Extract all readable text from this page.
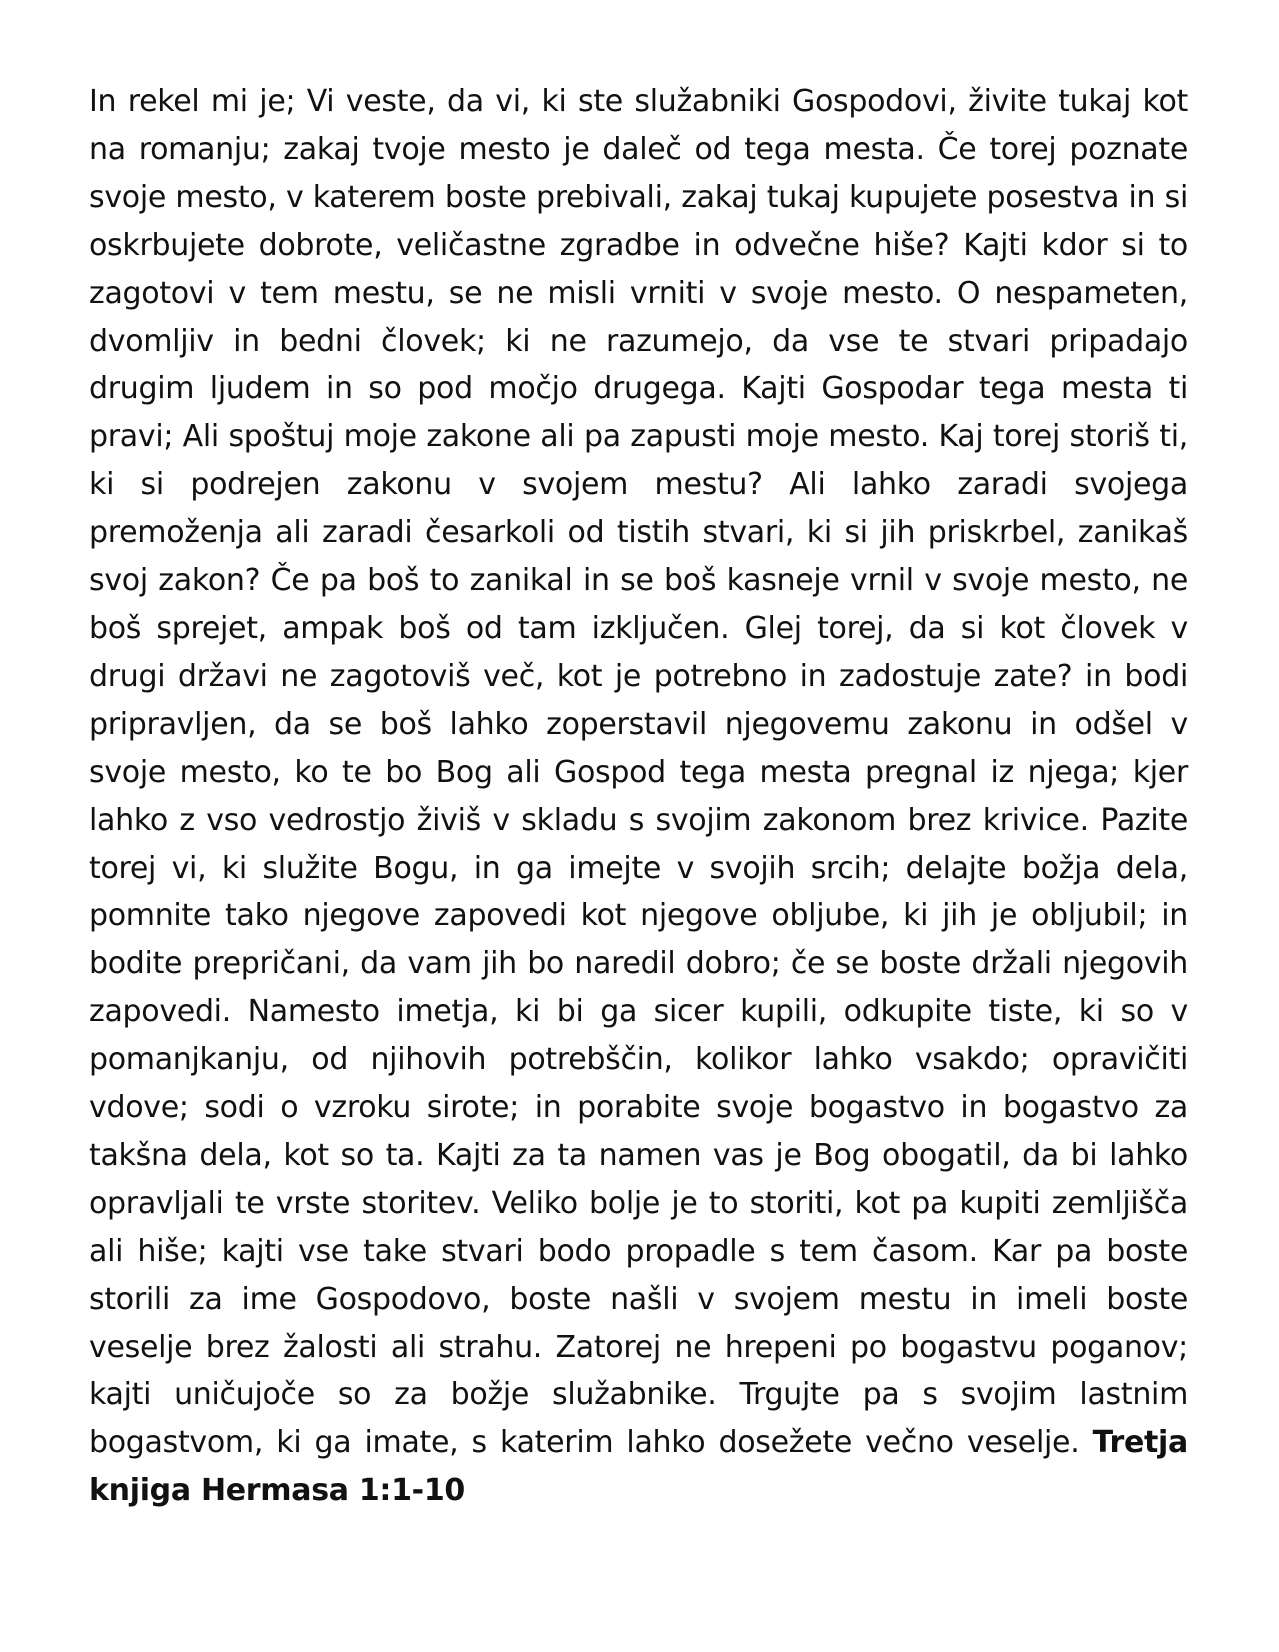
In rekel mi je; Vi veste, da vi, ki ste služabniki Gospodovi, živite tukaj kot na romanju; zakaj tvoje mesto je daleč od tega mesta. Če torej poznate svoje mesto, v katerem boste prebivali, zakaj tukaj kupujete posestva in si oskrbujete dobrote, veličastne zgradbe in odvečne hiše? Kajti kdor si to zagotovi v tem mestu, se ne misli vrniti v svoje mesto. O nespameten, dvomljiv in bedni človek; ki ne razumejo, da vse te stvari pripadajo drugim ljudem in so pod močjo drugega. Kajti Gospodar tega mesta ti pravi; Ali spoštuj moje zakone ali pa zapusti moje mesto. Kaj torej storiš ti, ki si podrejen zakonu v svojem mestu? Ali lahko zaradi svojega premoženja ali zaradi česarkoli od tistih stvari, ki si jih priskrbel, zanikaš svoj zakon? Če pa boš to zanikal in se boš kasneje vrnil v svoje mesto, ne boš sprejet, ampak boš od tam izključen. Glej torej, da si kot človek v drugi državi ne zagotoviš več, kot je potrebno in zadostuje zate? in bodi pripravljen, da se boš lahko zoperstavil njegovemu zakonu in odšel v svoje mesto, ko te bo Bog ali Gospod tega mesta pregnal iz njega; kjer lahko z vso vedrostjo živiš v skladu s svojim zakonom brez krivice. Pazite torej vi, ki služite Bogu, in ga imejte v svojih srcih; delajte božja dela, pomnite tako njegove zapovedi kot njegove obljube, ki jih je obljubil; in bodite prepričani, da vam jih bo naredil dobro; če se boste držali njegovih zapovedi. Namesto imetja, ki bi ga sicer kupili, odkupite tiste, ki so v pomanjkanju, od njihovih potrebščin, kolikor lahko vsakdo; opravičiti vdove; sodi o vzroku sirote; in porabite svoje bogastvo in bogastvo za takšna dela, kot so ta. Kajti za ta namen vas je Bog obogatil, da bi lahko opravljali te vrste storitev. Veliko bolje je to storiti, kot pa kupiti zemljišča ali hiše; kajti vse take stvari bodo propadle s tem časom. Kar pa boste storili za ime Gospodovo, boste našli v svojem mestu in imeli boste veselje brez žalosti ali strahu. Zatorej ne hrepeni po bogastvu poganov; kajti uničujoče so za božje služabnike. Trgujte pa s svojim lastnim bogastvom, ki ga imate, s katerim lahko dosežete večno veselje. Tretja knjiga Hermasa 1:1-10
